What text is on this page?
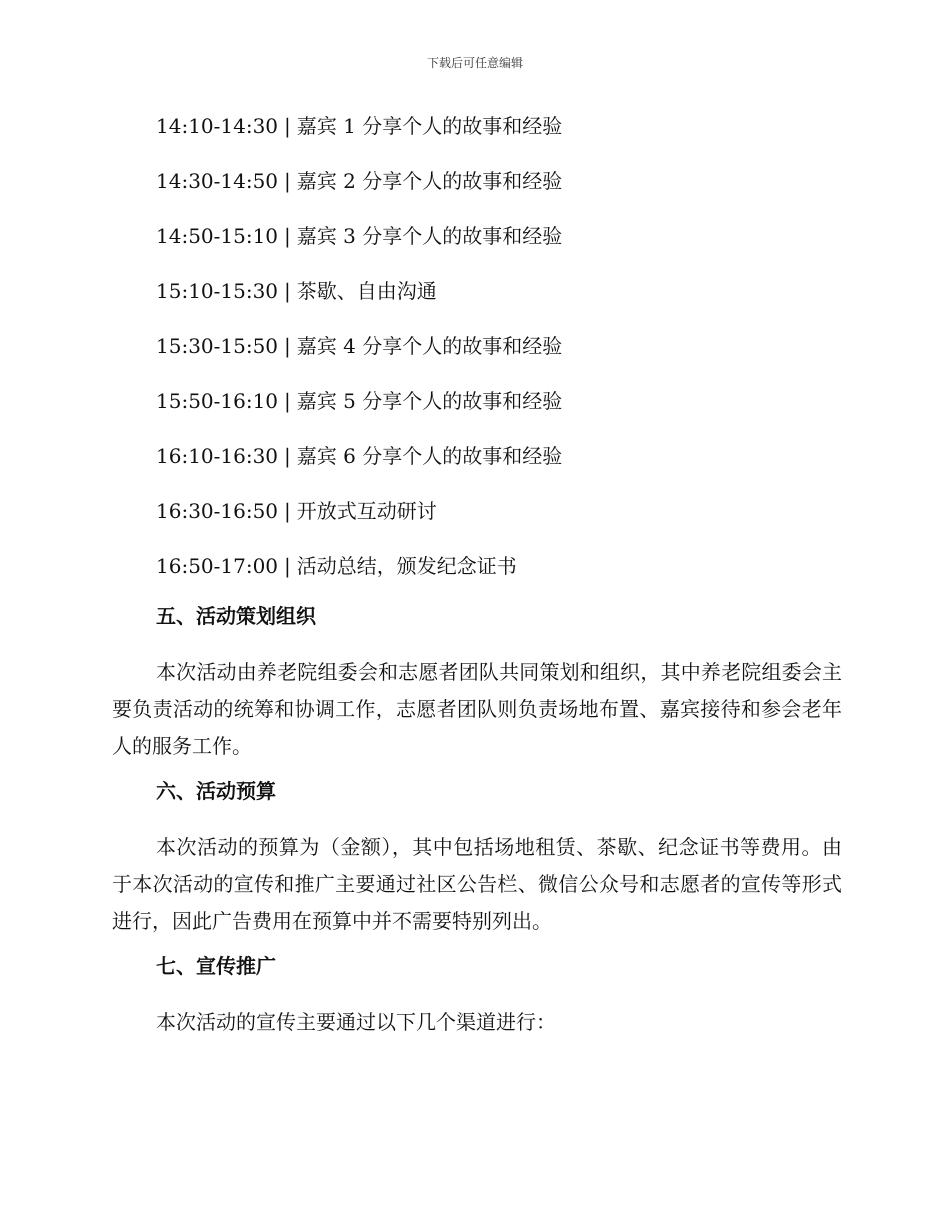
下载后可任意编辑
14:10-14:30 | 嘉宾 1 分享个人的故事和经验
14:30-14:50 | 嘉宾 2 分享个人的故事和经验
14:50-15:10 | 嘉宾 3 分享个人的故事和经验
15:10-15:30 | 茶歇、自由沟通
15:30-15:50 | 嘉宾 4 分享个人的故事和经验
15:50-16:10 | 嘉宾 5 分享个人的故事和经验
16:10-16:30 | 嘉宾 6 分享个人的故事和经验
16:30-16:50 | 开放式互动研讨
16:50-17:00 | 活动总结，颁发纪念证书
五、活动策划组织

本次活动由养老院组委会和志愿者团队共同策划和组织，其中养老院组委会主要负责活动的统筹和协调工作，志愿者团队则负责场地布置、嘉宾接待和参会老年人的服务工作。

六、活动预算

本次活动的预算为（金额），其中包括场地租赁、茶歇、纪念证书等费用。由于本次活动的宣传和推广主要通过社区公告栏、微信公众号和志愿者的宣传等形式进行，因此广告费用在预算中并不需要特别列出。

七、宣传推广

本次活动的宣传主要通过以下几个渠道进行：
